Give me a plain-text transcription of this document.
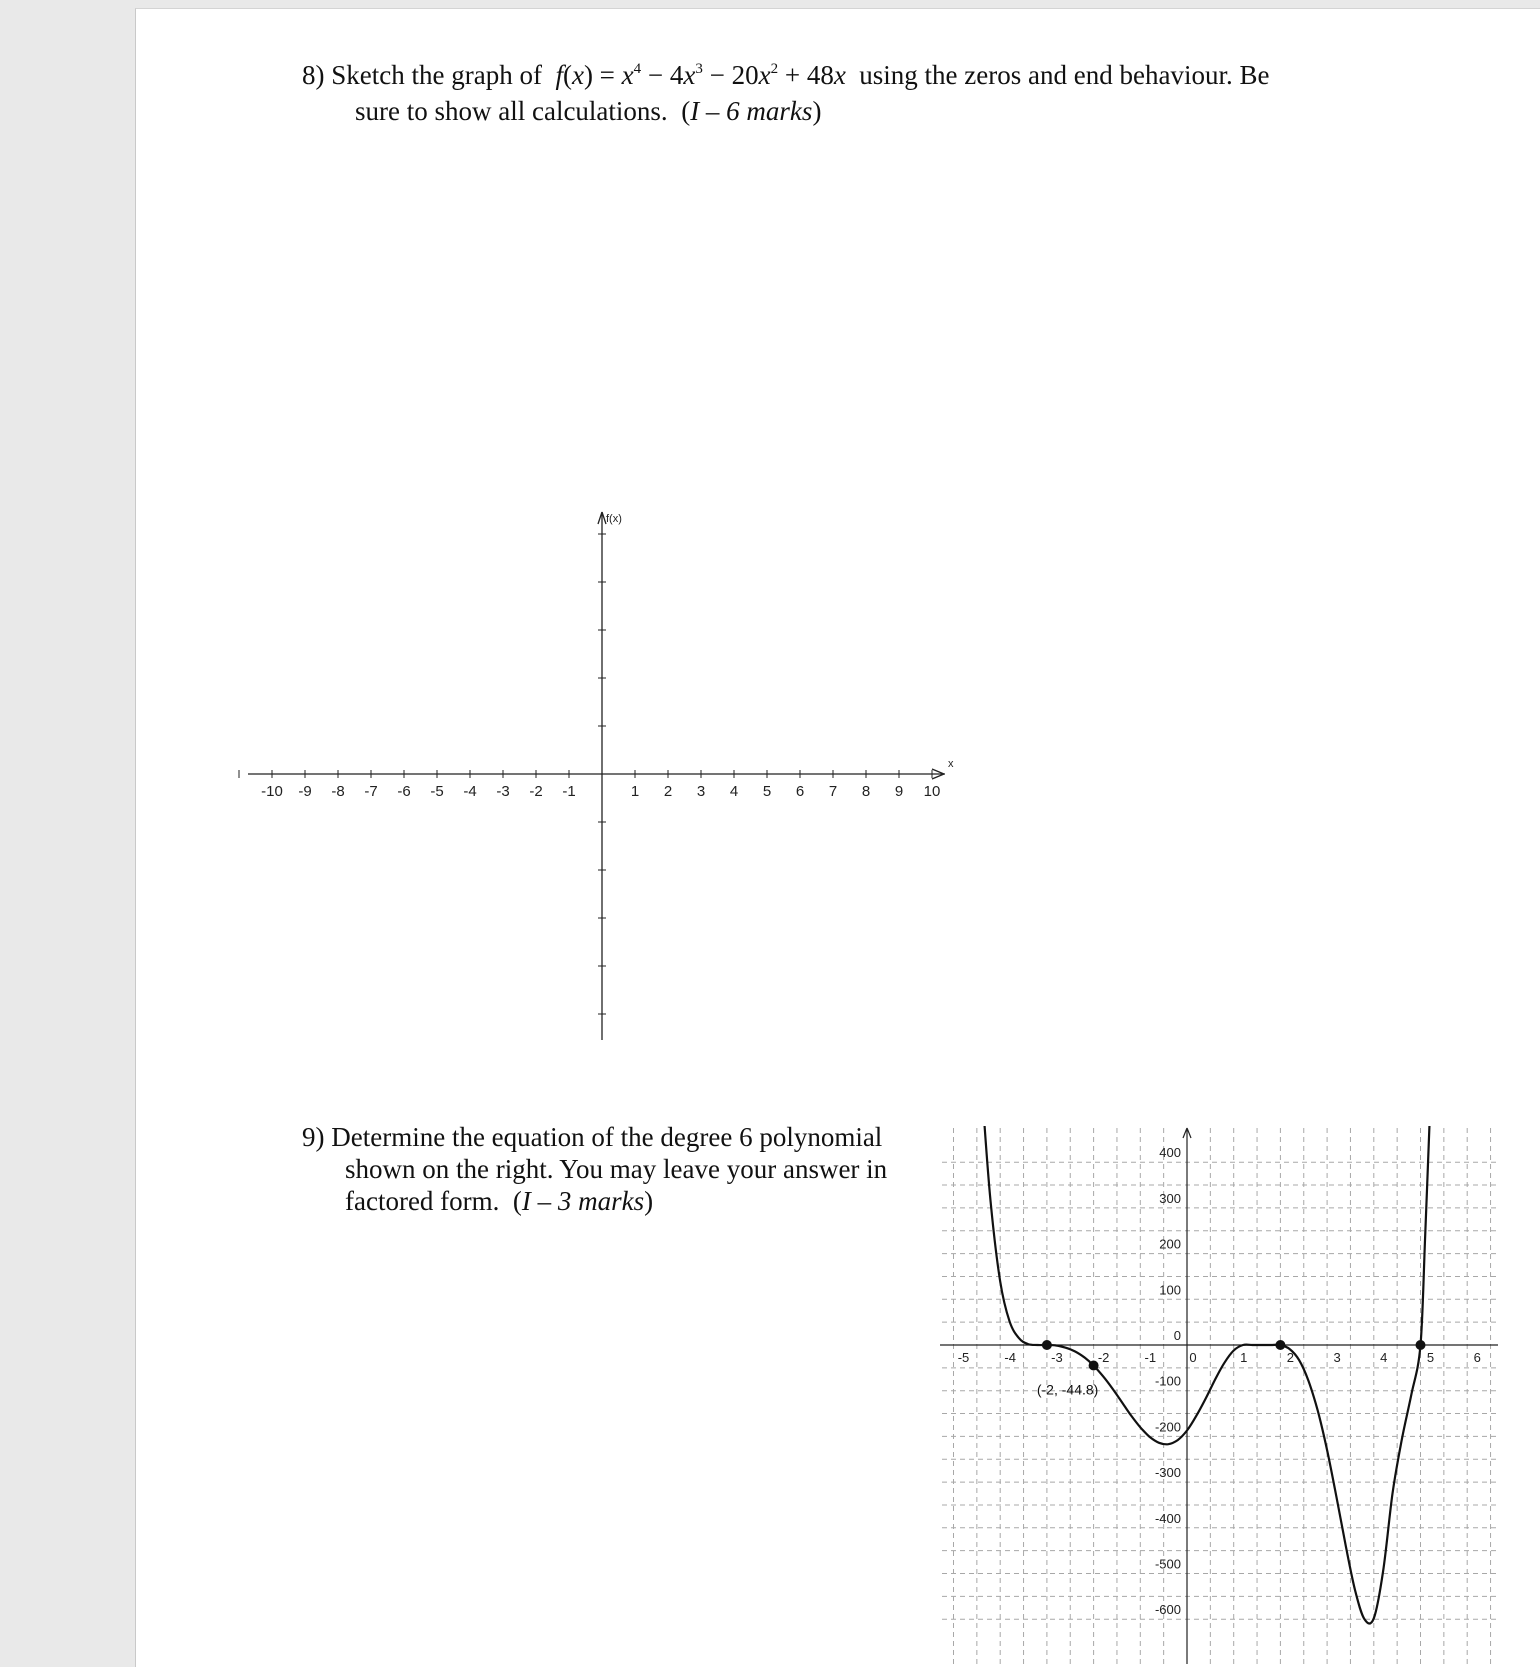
8) Sketch the graph of $f(x) = x^4 - 4x^3 - 20x^2 + 48x$ using the zeros and end behaviour. Be
sure to show all calculations.  (I – 6 marks)
-10 -9 -8 -7 -6 -5 -4 -3 -2 -1	1 2 3 4 5 6 7 8 9 10
f(x)
x
9) Determine the equation of the degree 6 polynomial
shown on the right. You may leave your answer in
factored form.  (I – 3 marks)
-5	-4	-3	-2	-1	0	1	2	3	4	5	6
400
300
200
100
0
-100
-200
-300
-400
-500
-600
(-2, -44.8)
